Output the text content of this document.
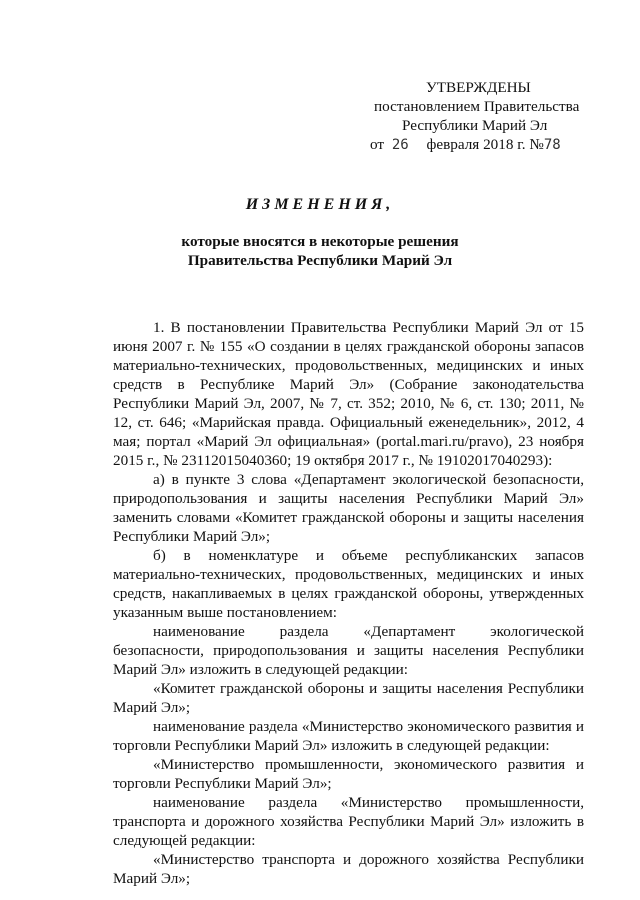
УТВЕРЖДЕНЫ
постановлением Правительства
Республики Марий Эл
от 26 февраля 2018 г. №78
ИЗМЕНЕНИЯ,
которые вносятся в некоторые решения
Правительства Республики Марий Эл

1. В постановлении Правительства Республики Марий Эл от 15 июня 2007 г. № 155 «О создании в целях гражданской обороны запасов материально-технических, продовольственных, медицинских и иных средств в Республике Марий Эл» (Собрание законодательства Республики Марий Эл, 2007, № 7, ст. 352; 2010, № 6, ст. 130; 2011, № 12, ст. 646; «Марийская правда. Официальный еженедельник», 2012, 4 мая; портал «Марий Эл официальная» (portal.mari.ru/pravo), 23 ноября 2015 г., № 23112015040360; 19 октября 2017 г., № 19102017040293):

а) в пункте 3 слова «Департамент экологической безопасности, природопользования и защиты населения Республики Марий Эл» заменить словами «Комитет гражданской обороны и защиты населения Республики Марий Эл»;

б) в номенклатуре и объеме республиканских запасов материально-технических, продовольственных, медицинских и иных средств, накапливаемых в целях гражданской обороны, утвержденных указанным выше постановлением:

наименование раздела «Департамент экологической безопасности, природопользования и защиты населения Республики Марий Эл» изложить в следующей редакции:

«Комитет гражданской обороны и защиты населения Республики Марий Эл»;

наименование раздела «Министерство экономического развития и торговли Республики Марий Эл» изложить в следующей редакции:

«Министерство промышленности, экономического развития и торговли Республики Марий Эл»;

наименование раздела «Министерство промышленности, транспорта и дорожного хозяйства Республики Марий Эл» изложить в следующей редакции:

«Министерство транспорта и дорожного хозяйства Республики Марий Эл»;
